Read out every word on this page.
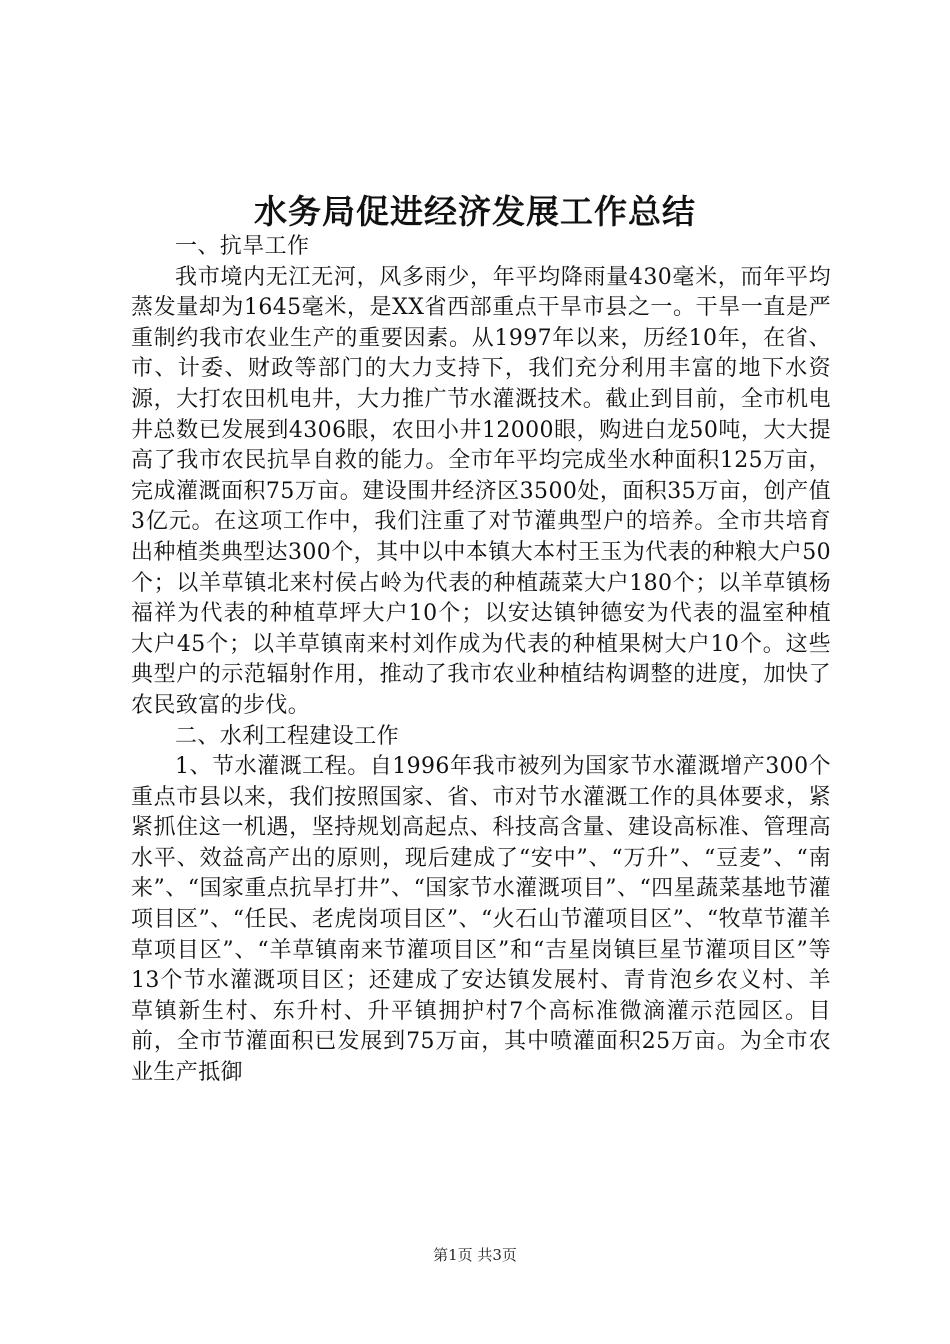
水务局促进经济发展工作总结

一、抗旱工作

我市境内无江无河，风多雨少，年平均降雨量430毫米，而年平均蒸发量却为1645毫米，是XX省西部重点干旱市县之一。干旱一直是严重制约我市农业生产的重要因素。从1997年以来，历经10年，在省、市、计委、财政等部门的大力支持下，我们充分利用丰富的地下水资源，大打农田机电井，大力推广节水灌溉技术。截止到目前，全市机电井总数已发展到4306眼，农田小井12000眼，购进白龙50吨，大大提高了我市农民抗旱自救的能力。全市年平均完成坐水种面积125万亩，完成灌溉面积75万亩。建设围井经济区3500处，面积35万亩，创产值3亿元。在这项工作中，我们注重了对节灌典型户的培养。全市共培育出种植类典型达300个，其中以中本镇大本村王玉为代表的种粮大户50个；以羊草镇北来村侯占岭为代表的种植蔬菜大户180个；以羊草镇杨福祥为代表的种植草坪大户10个；以安达镇钟德安为代表的温室种植大户45个；以羊草镇南来村刘作成为代表的种植果树大户10个。这些典型户的示范辐射作用，推动了我市农业种植结构调整的进度，加快了农民致富的步伐。

二、水利工程建设工作

1、节水灌溉工程。自1996年我市被列为国家节水灌溉增产300个重点市县以来，我们按照国家、省、市对节水灌溉工作的具体要求，紧紧抓住这一机遇，坚持规划高起点、科技高含量、建设高标准、管理高水平、效益高产出的原则，现后建成了“安中”、“万升”、“豆麦”、“南来”、“国家重点抗旱打井”、“国家节水灌溉项目”、“四星蔬菜基地节灌项目区”、“任民、老虎岗项目区”、“火石山节灌项目区”、“牧草节灌羊草项目区”、“羊草镇南来节灌项目区”和“吉星岗镇巨星节灌项目区”等13个节水灌溉项目区；还建成了安达镇发展村、青肯泡乡农义村、羊草镇新生村、东升村、升平镇拥护村7个高标准微滴灌示范园区。目前，全市节灌面积已发展到75万亩，其中喷灌面积25万亩。为全市农业生产抵御

第1页 共3页
